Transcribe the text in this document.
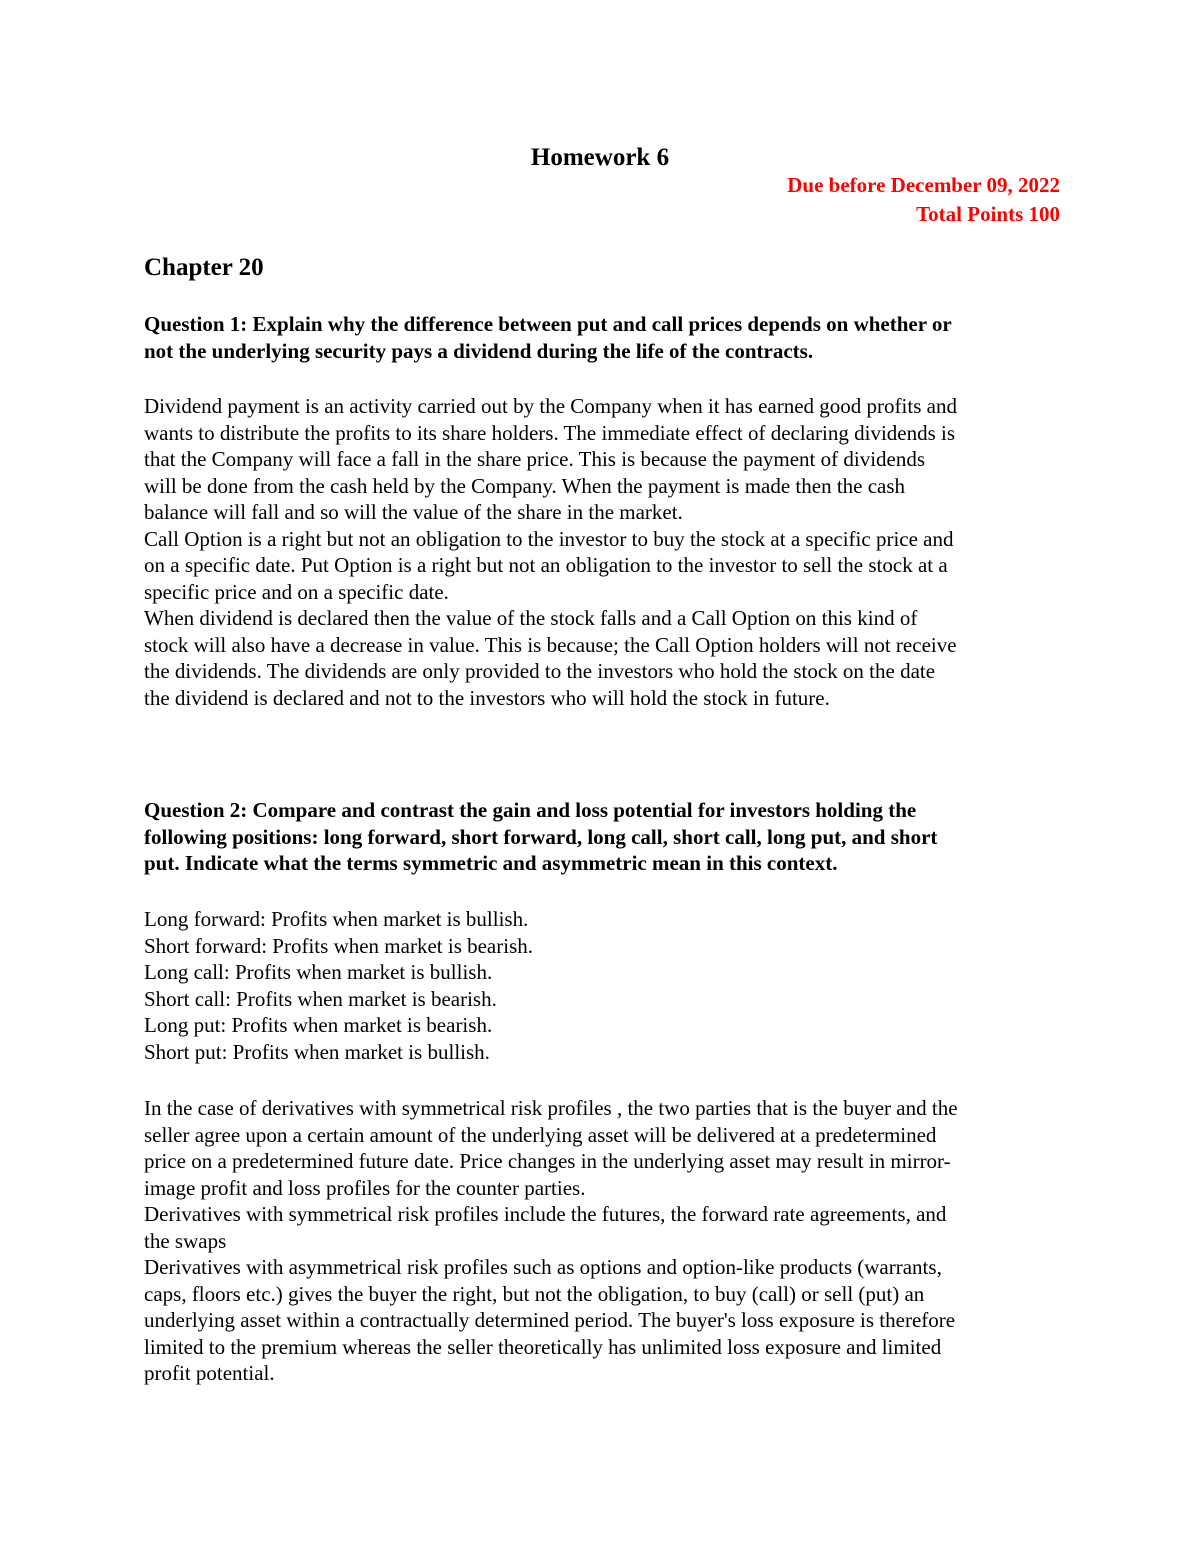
Homework 6
Due before December 09, 2022
Total Points 100
Chapter 20
Question 1: Explain why the difference between put and call prices depends on whether or
not the underlying security pays a dividend during the life of the contracts.
Dividend payment is an activity carried out by the Company when it has earned good profits and
wants to distribute the profits to its share holders. The immediate effect of declaring dividends is
that the Company will face a fall in the share price. This is because the payment of dividends
will be done from the cash held by the Company. When the payment is made then the cash
balance will fall and so will the value of the share in the market.
Call Option is a right but not an obligation to the investor to buy the stock at a specific price and
on a specific date. Put Option is a right but not an obligation to the investor to sell the stock at a
specific price and on a specific date.
When dividend is declared then the value of the stock falls and a Call Option on this kind of
stock will also have a decrease in value. This is because; the Call Option holders will not receive
the dividends. The dividends are only provided to the investors who hold the stock on the date
the dividend is declared and not to the investors who will hold the stock in future.
Question 2: Compare and contrast the gain and loss potential for investors holding the
following positions: long forward, short forward, long call, short call, long put, and short
put. Indicate what the terms symmetric and asymmetric mean in this context.
Long forward: Profits when market is bullish.
Short forward: Profits when market is bearish.
Long call: Profits when market is bullish.
Short call: Profits when market is bearish.
Long put: Profits when market is bearish.
Short put: Profits when market is bullish.
In the case of derivatives with symmetrical risk profiles , the two parties that is the buyer and the
seller agree upon a certain amount of the underlying asset will be delivered at a predetermined
price on a predetermined future date. Price changes in the underlying asset may result in mirror-
image profit and loss profiles for the counter parties.
Derivatives with symmetrical risk profiles include the futures, the forward rate agreements, and
the swaps
Derivatives with asymmetrical risk profiles such as options and option-like products (warrants,
caps, floors etc.) gives the buyer the right, but not the obligation, to buy (call) or sell (put) an
underlying asset within a contractually determined period. The buyer's loss exposure is therefore
limited to the premium whereas the seller theoretically has unlimited loss exposure and limited
profit potential.
